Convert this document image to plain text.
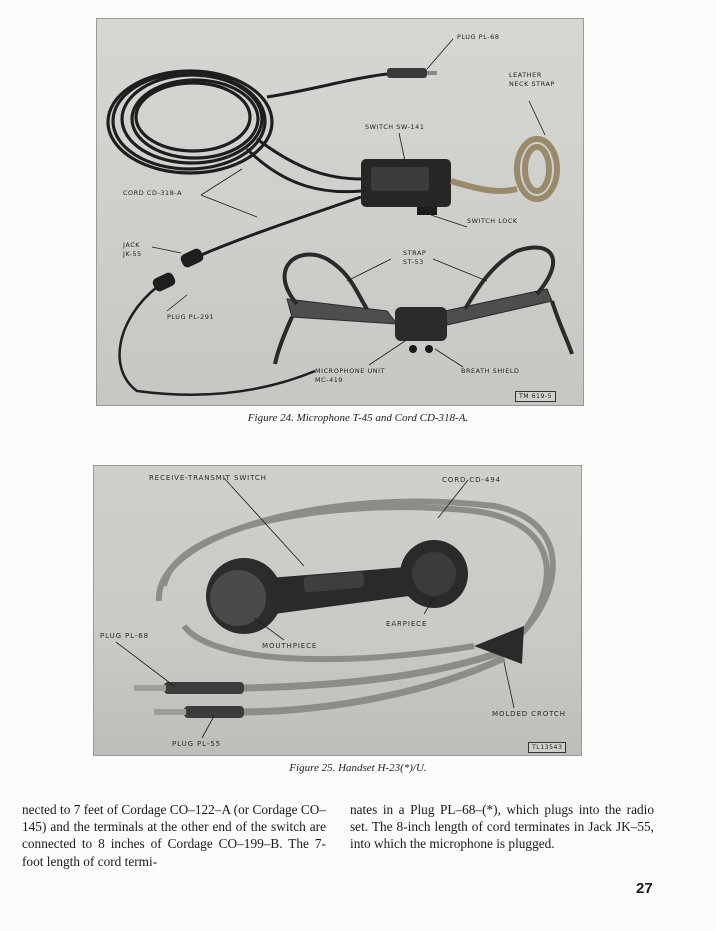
PLUG PL-68
LEATHER
NECK STRAP
SWITCH SW-141
CORD CD-318-A
JACK
JK-55
SWITCH LOCK
STRAP
ST-53
PLUG PL-291
MICROPHONE UNIT
MC-419
BREATH SHIELD
TM 619-5
Figure 24. Microphone T-45 and Cord CD-318-A.
RECEIVE-TRANSMIT SWITCH	CORD CD-494
EARPIECE
PLUG PL-68
MOUTHPIECE
MOLDED CROTCH
PLUG PL-55	TL13543
Figure 25. Handset H-23(*)/U.
nected to 7 feet of Cordage CO–122–A (or Cordage CO–145) and the terminals at the other end of the switch are connected to 8 inches of Cordage CO–199–B. The 7-foot length of cord termi-
nates in a Plug PL–68–(*), which plugs into the radio set. The 8-inch length of cord terminates in Jack JK–55, into which the microphone is plugged.
27
